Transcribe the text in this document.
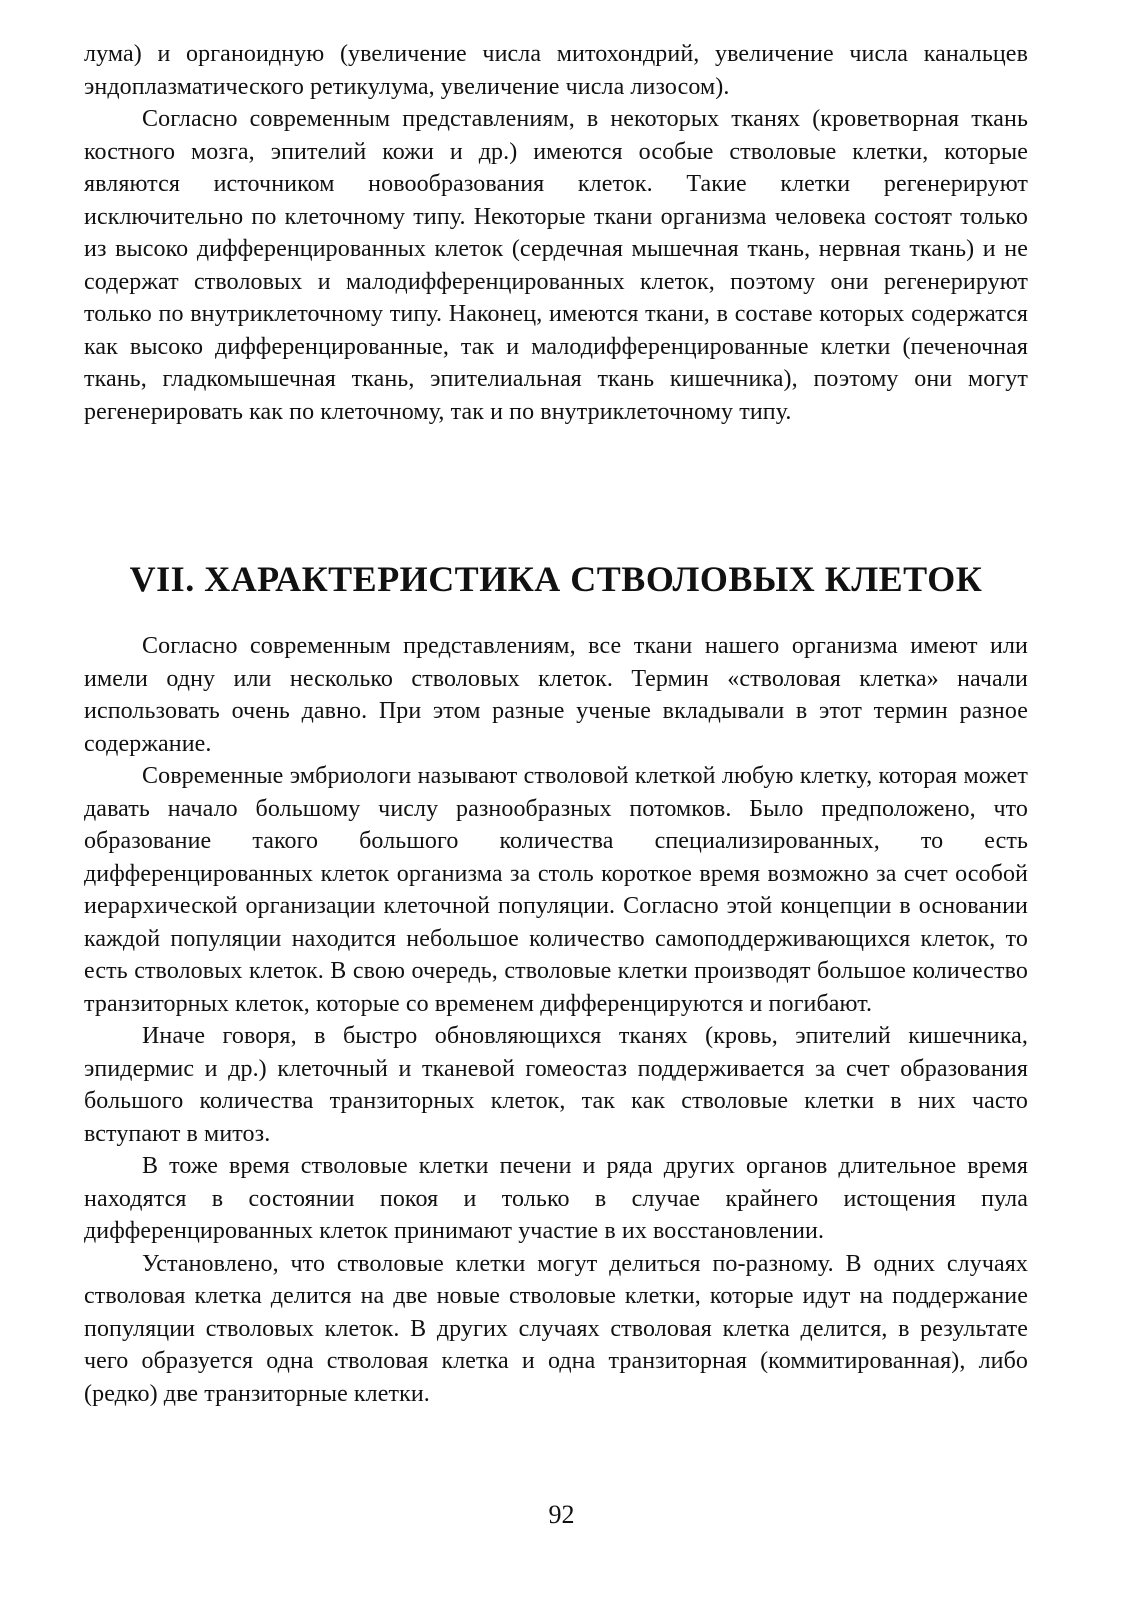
лума) и органоидную (увеличение числа митохондрий, увеличение числа канальцев эндоплазматического ретикулума, увеличение числа лизосом).

Согласно современным представлениям, в некоторых тканях (кроветворная ткань костного мозга, эпителий кожи и др.) имеются особые стволовые клетки, которые являются источником новообразования клеток. Такие клетки регенерируют исключительно по клеточному типу. Некоторые ткани организма человека состоят только из высоко дифференцированных клеток (сердечная мышечная ткань, нервная ткань) и не содержат стволовых и малодифференцированных клеток, поэтому они регенерируют только по внутриклеточному типу. Наконец, имеются ткани, в составе которых содержатся как высоко дифференцированные, так и малодифференцированные клетки (печеночная ткань, гладкомышечная ткань, эпителиальная ткань кишечника), поэтому они могут регенерировать как по клеточному, так и по внутриклеточному типу.

VII. ХАРАКТЕРИСТИКА СТВОЛОВЫХ КЛЕТОК

Согласно современным представлениям, все ткани нашего организма имеют или имели одну или несколько стволовых клеток. Термин «стволовая клетка» начали использовать очень давно. При этом разные ученые вкладывали в этот термин разное содержание.

Современные эмбриологи называют стволовой клеткой любую клетку, которая может давать начало большому числу разнообразных потомков. Было предположено, что образование такого большого количества специализированных, то есть дифференцированных клеток организма за столь короткое время возможно за счет особой иерархической организации клеточной популяции. Согласно этой концепции в основании каждой популяции находится небольшое количество самоподдерживающихся клеток, то есть стволовых клеток. В свою очередь, стволовые клетки производят большое количество транзиторных клеток, которые со временем дифференцируются и погибают.

Иначе говоря, в быстро обновляющихся тканях (кровь, эпителий кишечника, эпидермис и др.) клеточный и тканевой гомеостаз поддерживается за счет образования большого количества транзиторных клеток, так как стволовые клетки в них часто вступают в митоз.

В тоже время стволовые клетки печени и ряда других органов длительное время находятся в состоянии покоя и только в случае крайнего истощения пула дифференцированных клеток принимают участие в их восстановлении.

Установлено, что стволовые клетки могут делиться по-разному. В одних случаях стволовая клетка делится на две новые стволовые клетки, которые идут на поддержание популяции стволовых клеток. В других случаях стволовая клетка делится, в результате чего образуется одна стволовая клетка и одна транзиторная (коммитированная), либо (редко) две транзиторные клетки.

92
